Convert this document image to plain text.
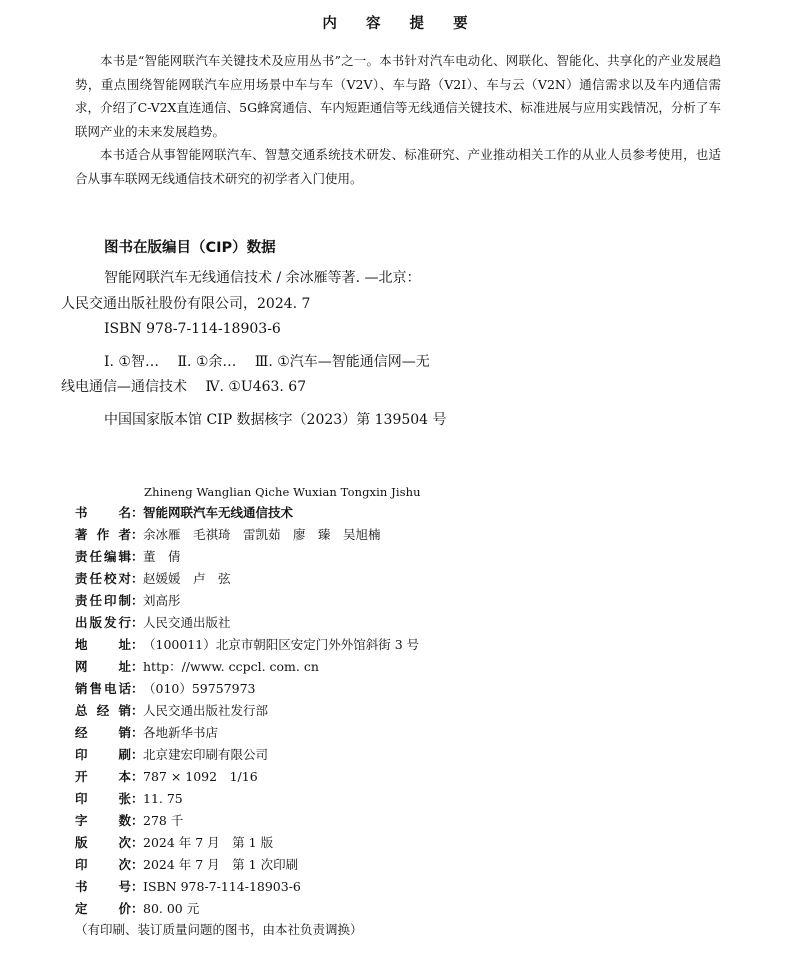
内 容 提 要

本书是“智能网联汽车关键技术及应用丛书”之一。本书针对汽车电动化、网联化、智能化、共享化的产业发展趋势，重点围绕智能网联汽车应用场景中车与车（V2V）、车与路（V2I）、车与云（V2N）通信需求以及车内通信需求，介绍了C-V2X直连通信、5G蜂窝通信、车内短距通信等无线通信关键技术、标准进展与应用实践情况，分析了车联网产业的未来发展趋势。

本书适合从事智能网联汽车、智慧交通系统技术研发、标准研究、产业推动相关工作的从业人员参考使用，也适合从事车联网无线通信技术研究的初学者入门使用。

图书在版编目（CIP）数据
智能网联汽车无线通信技术 / 余冰雁等著. —北京：
人民交通出版社股份有限公司，2024. 7
ISBN 978-7-114-18903-6
Ⅰ. ①智… Ⅱ. ①余… Ⅲ. ①汽车—智能通信网—无
线电通信—通信技术 Ⅳ. ①U463. 67
中国国家版本馆 CIP 数据核字（2023）第 139504 号
Zhineng Wanglian Qiche Wuxian Tongxin Jishu
书 名 ： 智能网联汽车无线通信技术
著 作 者 ： 余冰雁　毛祺琦　雷凯茹　廖　臻　吴旭楠
责 任 编 辑 ： 董　倩
责 任 校 对 ： 赵媛媛　卢　弦
责 任 印 制 ： 刘高彤
出 版 发 行 ： 人民交通出版社
地 址 ： （100011）北京市朝阳区安定门外外馆斜街 3 号
网 址 ： http：//www. ccpcl. com. cn
销 售 电 话 ： （010）59757973
总 经 销 ： 人民交通出版社发行部
经 销 ： 各地新华书店
印 刷 ： 北京建宏印刷有限公司
开 本 ： 787 × 1092　1/16
印 张 ： 11. 75
字 数 ： 278 千
版 次 ： 2024 年 7 月　第 1 版
印 次 ： 2024 年 7 月　第 1 次印刷
书 号 ： ISBN 978-7-114-18903-6
定 价 ： 80. 00 元
（有印刷、装订质量问题的图书，由本社负责调换）
